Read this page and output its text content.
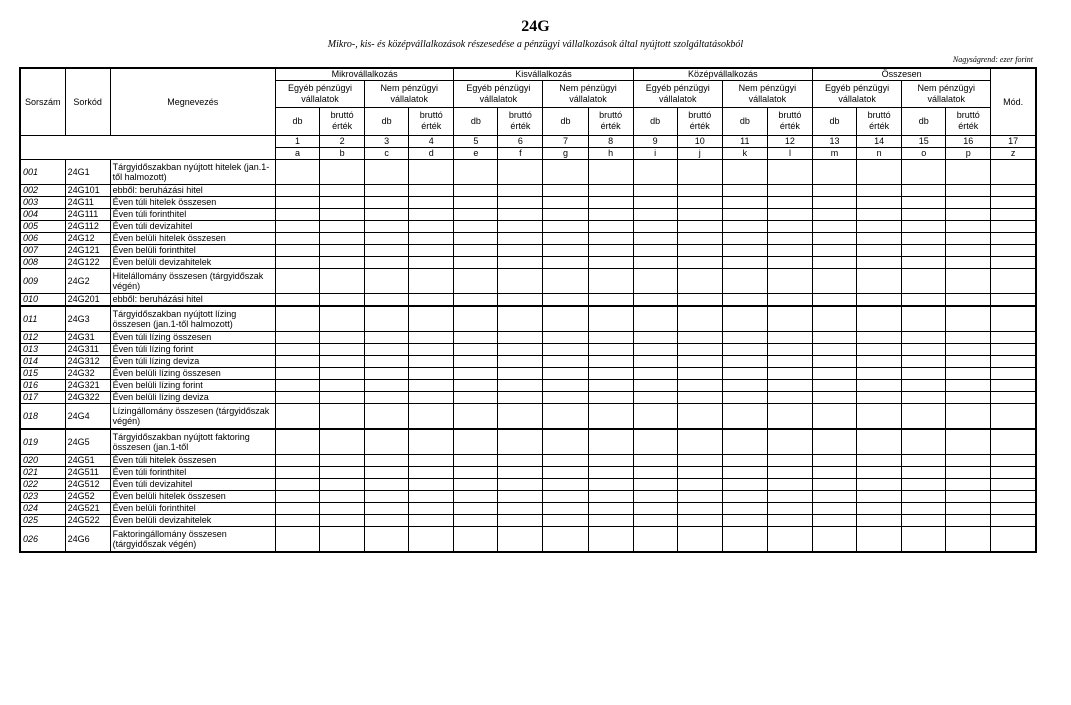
24G
Mikro-, kis- és középvállalkozások részesedése a pénzügyi vállalkozások által nyújtott szolgáltatásokból
Nagyságrend: ezer forint
Sorszám	Sorkód	Megnevezés	Mikrovállalkozás				Kisvállalkozás				Középvállalkozás				Összesen				Mód.
			Egyéb pénzügyi vállalatok		Nem pénzügyi vállalatok		Egyéb pénzügyi vállalatok		Nem pénzügyi vállalatok		Egyéb pénzügyi vállalatok		Nem pénzügyi vállalatok		Egyéb pénzügyi vállalatok		Nem pénzügyi vállalatok		
			db	bruttó érték	db	bruttó érték	db	bruttó érték	db	bruttó érték	db	bruttó érték	db	bruttó érték	db	bruttó érték	db	bruttó érték	
			1	2	3	4	5	6	7	8	9	10	11	12	13	14	15	16	17
			a	b	c	d	e	f	g	h	i	j	k	l	m	n	o	p	z
001	24G1	Tárgyidőszakban nyújtott hitelek (jan.1-től halmozott)																	
002	24G101	ebből: beruházási hitel																	
003	24G11	Éven túli hitelek összesen																	
004	24G111	Éven túli forinthitel																	
005	24G112	Éven túli devizahitel																	
006	24G12	Éven belüli hitelek összesen																	
007	24G121	Éven belüli forinthitel																	
008	24G122	Éven belüli devizahitelek																	
009	24G2	Hitelállomány összesen (tárgyidőszak végén)																	
010	24G201	ebből: beruházási hitel																	
011	24G3	Tárgyidőszakban nyújtott lízing összesen (jan.1-től halmozott)																	
012	24G31	Éven túli lízing összesen																	
013	24G311	Éven túli lízing forint																	
014	24G312	Éven túli lízing deviza																	
015	24G32	Éven belüli lízing összesen																	
016	24G321	Éven belüli lízing forint																	
017	24G322	Éven belüli lízing deviza																	
018	24G4	Lízingállomány összesen (tárgyidőszak végén)																	
019	24G5	Tárgyidőszakban nyújtott faktoring összesen (jan.1-től																	
020	24G51	Éven túli hitelek összesen																	
021	24G511	Éven túli forinthitel																	
022	24G512	Éven túli devizahitel																	
023	24G52	Éven belüli hitelek összesen																	
024	24G521	Éven belüli forinthitel																	
025	24G522	Éven belüli devizahitelek																	
026	24G6	Faktoringállomány összesen (tárgyidőszak végén)																	
